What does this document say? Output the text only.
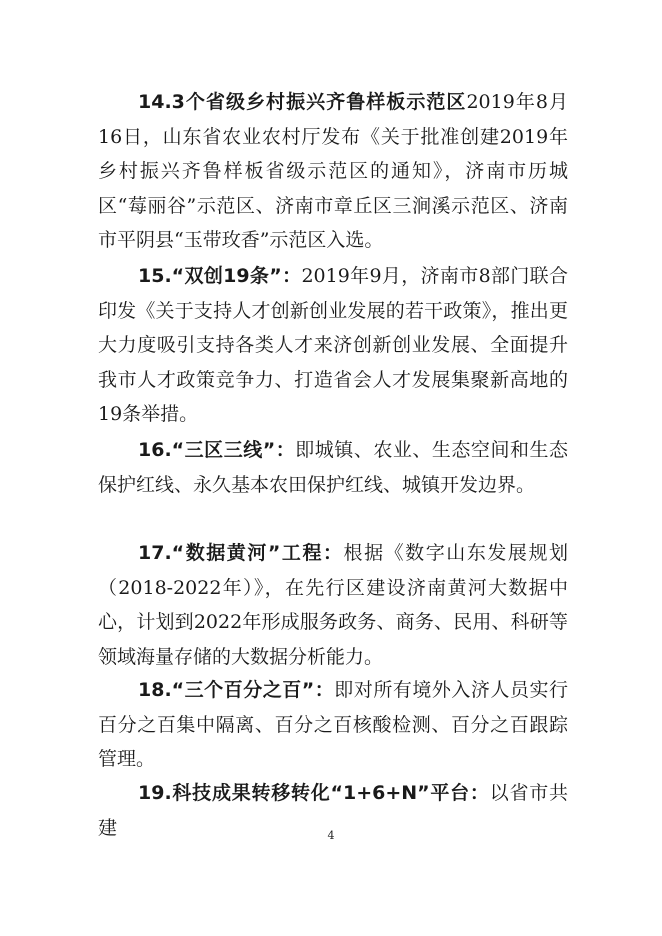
14.3个省级乡村振兴齐鲁样板示范区2019年8月16日，山东省农业农村厅发布《关于批准创建2019年乡村振兴齐鲁样板省级示范区的通知》，济南市历城区“莓丽谷”示范区、济南市章丘区三涧溪示范区、济南市平阴县“玉带玫香”示范区入选。

15.“双创19条”：2019年9月，济南市8部门联合印发《关于支持人才创新创业发展的若干政策》，推出更大力度吸引支持各类人才来济创新创业发展、全面提升我市人才政策竞争力、打造省会人才发展集聚新高地的19条举措。

16.“三区三线”：即城镇、农业、生态空间和生态保护红线、永久基本农田保护红线、城镇开发边界。

17.“数据黄河”工程：根据《数字山东发展规划（2018-2022年）》，在先行区建设济南黄河大数据中心，计划到2022年形成服务政务、商务、民用、科研等领域海量存储的大数据分析能力。

18.“三个百分之百”：即对所有境外入济人员实行百分之百集中隔离、百分之百核酸检测、百分之百跟踪管理。

19.科技成果转移转化“1+6+N”平台：以省市共建	4
